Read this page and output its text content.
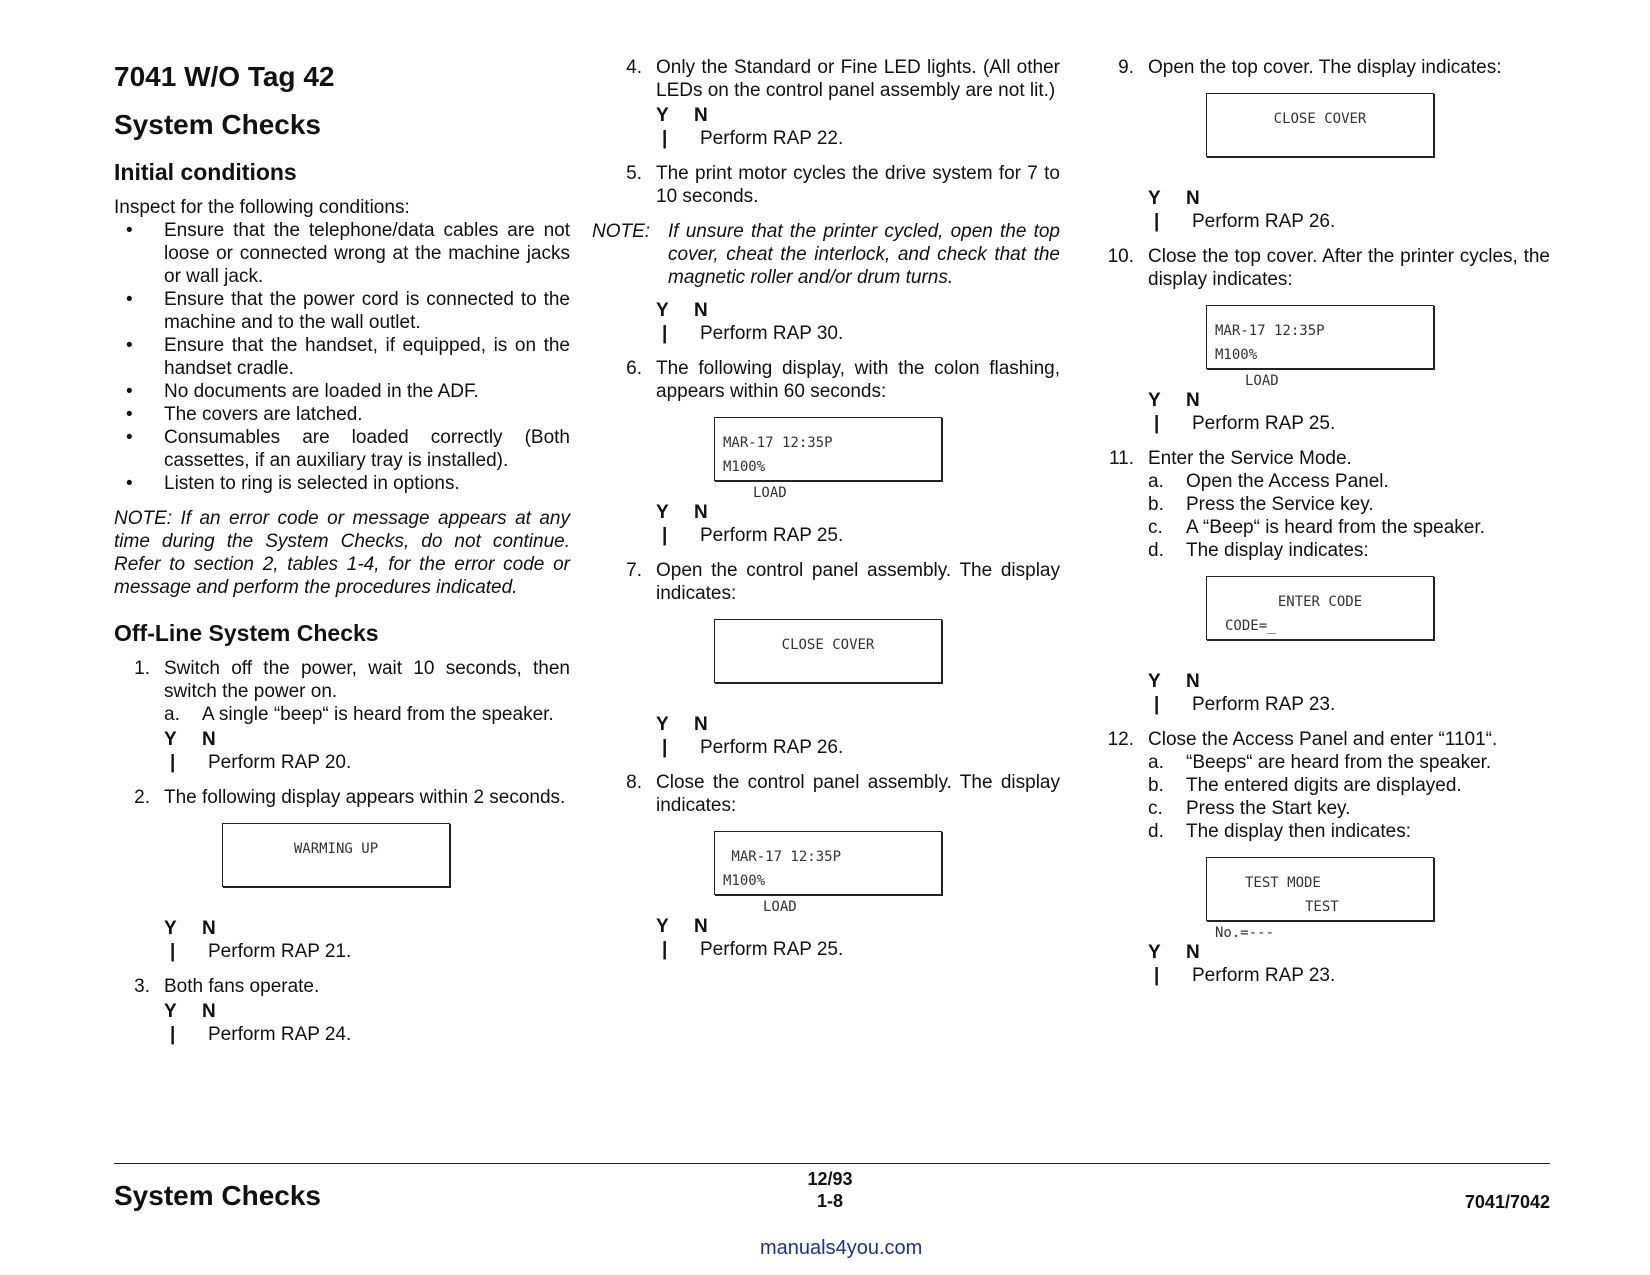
7041 W/O Tag 42
System Checks
Initial conditions

Inspect for the following conditions:

• Ensure that the telephone/data cables are not loose or connected wrong at the machine jacks or wall jack.
• Ensure that the power cord is connected to the machine and to the wall outlet.
• Ensure that the handset, if equipped, is on the handset cradle.
• No documents are loaded in the ADF.
• The covers are latched.
• Consumables are loaded correctly (Both cassettes, if an auxiliary tray is installed).
• Listen to ring is selected in options.

NOTE: If an error code or message appears at any time during the System Checks, do not continue. Refer to section 2, tables 1-4, for the error code or message and perform the procedures indicated.

Off-Line System Checks
1. Switch off the power, wait 10 seconds, then switch the power on.

a. A single “beep“ is heard from the speaker.
Y N
| Perform RAP 20.
2. The following display appears within 2 seconds.

WARMING UP
Y N
| Perform RAP 21.
3. Both fans operate.

Y N
| Perform RAP 24.
4. Only the Standard or Fine LED lights. (All other LEDs on the control panel assembly are not lit.)

Y N
| Perform RAP 22.
5. The print motor cycles the drive system for 7 to 10 seconds.

NOTE: If unsure that the printer cycled, open the top cover, cheat the interlock, and check that the magnetic roller and/or drum turns.
Y N
| Perform RAP 30.
6. The following display, with the colon flashing, appears within 60 seconds:

MAR-17 12:35P
M100%
LOAD
Y N
| Perform RAP 25.
7. Open the control panel assembly. The display indicates:

CLOSE COVER
Y N
| Perform RAP 26.
8. Close the control panel assembly. The display indicates:

MAR-17 12:35P
M100%
LOAD
Y N
| Perform RAP 25.
9. Open the top cover. The display indicates:

CLOSE COVER
Y N
| Perform RAP 26.
10. Close the top cover. After the printer cycles, the display indicates:

MAR-17 12:35P
M100%
LOAD
Y N
| Perform RAP 25.
11. Enter the Service Mode.

a. Open the Access Panel.
b. Press the Service key.
c. A “Beep“ is heard from the speaker.
d. The display indicates:
ENTER CODE
CODE=_
Y N
| Perform RAP 23.
12. Close the Access Panel and enter “1101“.

a. “Beeps“ are heard from the speaker.
b. The entered digits are displayed.
c. Press the Start key.
d. The display then indicates:
TEST MODE
TEST
No.=---
Y N
| Perform RAP 23.
System Checks
12/93
1-8	7041/7042
manuals4you.com
